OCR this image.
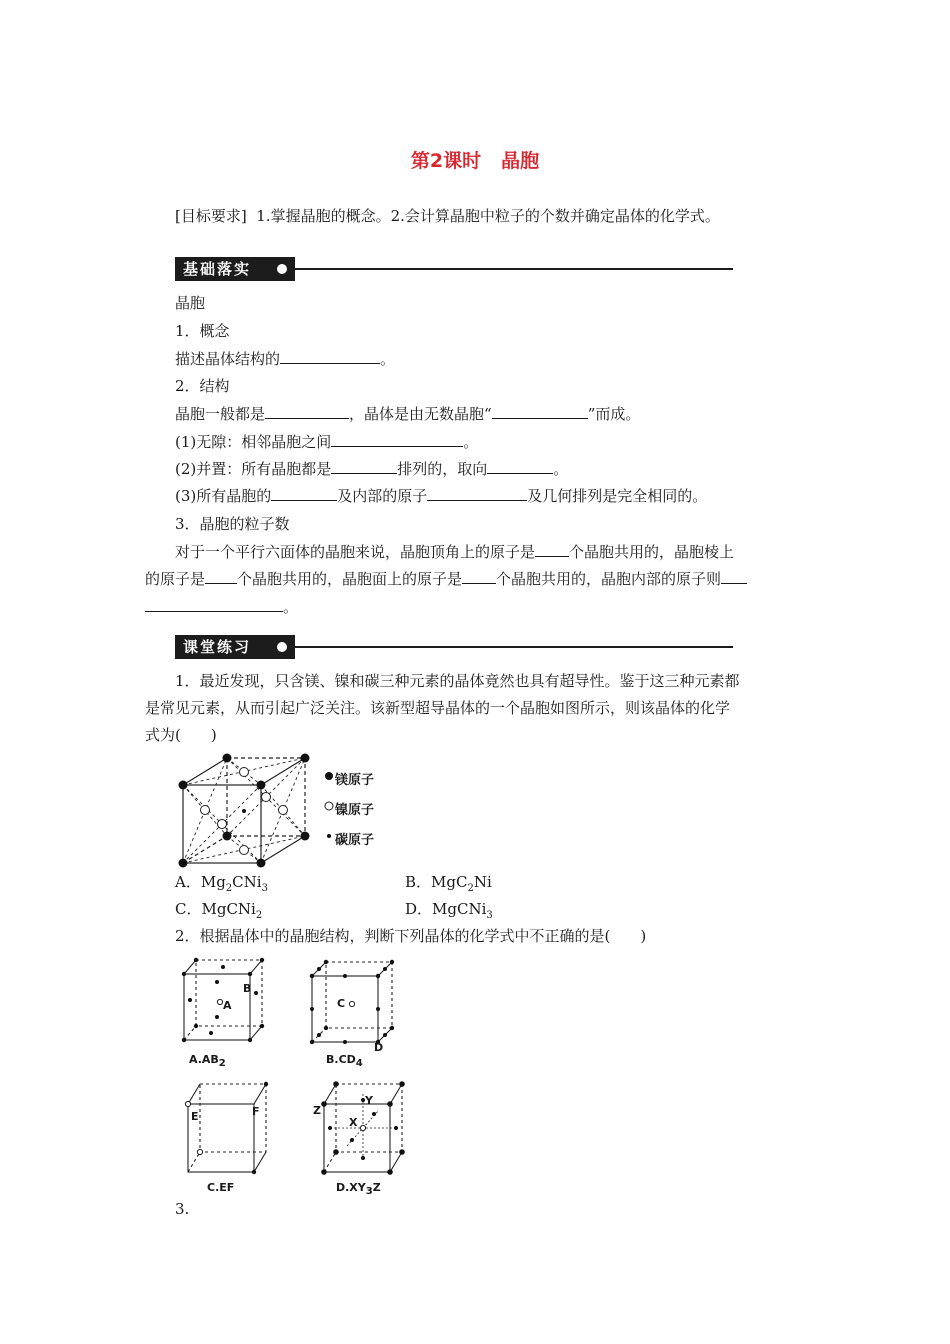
第2课时 晶胞
[目标要求] 1.掌握晶胞的概念。2.会计算晶胞中粒子的个数并确定晶体的化学式。
基础落实
晶胞
1．概念
描述晶体结构的	。
2．结构
晶胞一般都是	，晶体是由无数晶胞“	”而成。
(1)无隙：相邻晶胞之间	。
(2)并置：所有晶胞都是	排列的，取向	。
(3)所有晶胞的	及内部的原子	及几何排列是完全相同的。
3．晶胞的粒子数
对于一个平行六面体的晶胞来说，晶胞顶角上的原子是 个晶胞共用的，晶胞棱上
的原子是 个晶胞共用的，晶胞面上的原子是 个晶胞共用的，晶胞内部的原子则
。
课堂练习
1．最近发现，只含镁、镍和碳三种元素的晶体竟然也具有超导性。鉴于这三种元素都
是常见元素，从而引起广泛关注。该新型超导晶体的一个晶胞如图所示，则该晶体的化学
式为(　　)
镁原子
镍原子
碳原子
A．$Mg_2CNi_3$	B．MgC$_2$Ni
C．MgCNi$_2$	D．MgCNi$_3$
2．根据晶体中的晶胞结构，判断下列晶体的化学式中不正确的是(　　)
A
B
$A.AB_2$
C
D
$B.CD_4$
E	F
C.EF
Y
Z
X
$D.XY_3Z$
3.
